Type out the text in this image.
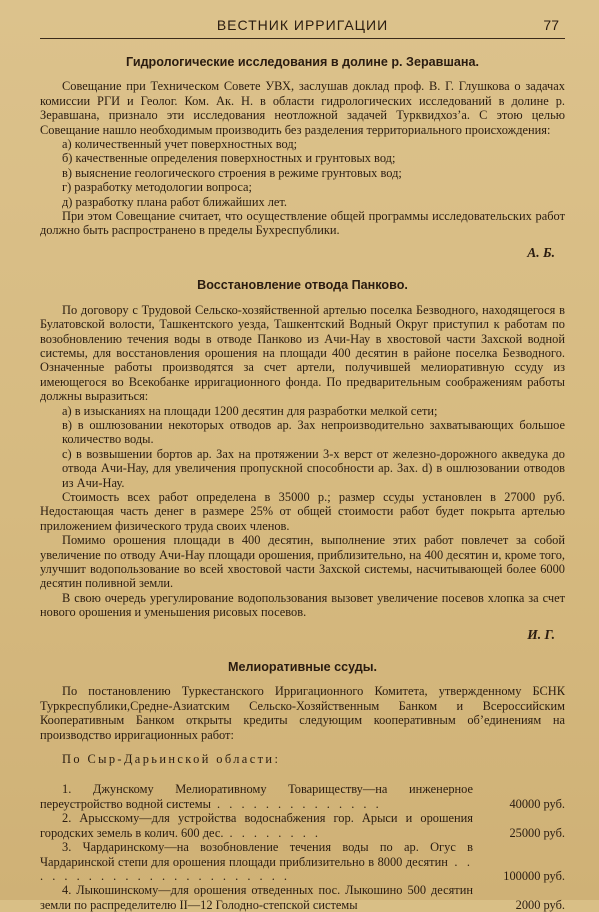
ВЕСТНИК ИРРИГАЦИИ	77
Гидрологические исследования в долине р. Зеравшана.

Совещание при Техническом Совете УВХ, заслушав доклад проф. В. Г. Глушкова о задачах комиссии РГИ и Геолог. Ком. Ак. Н. в области гидрологических исследований в долине р. Зеравшана, признало эти исследования неотложной задачей Турквидхоз’а. С этою целью Совещание нашло необходимым производить без разделения территориального происхождения:

а) количественный учет поверхностных вод;

б) качественные определения поверхностных и грунтовых вод;

в) выяснение геологического строения в режиме грунтовых вод;

г) разработку методологии вопроса;

д) разработку плана работ ближайших лет.

При этом Совещание считает, что осуществление общей программы исследовательских работ должно быть распространено в пределы Бухреспублики.

А. Б.
Восстановление отвода Панково.

По договору с Трудовой Сельско-хозяйственной артелью поселка Безводного, находящегося в Булатовской волости, Ташкентского уезда, Ташкентский Водный Округ приступил к работам по возобновлению течения воды в отводе Панково из Ачи-Нау в хвостовой части Захской водной системы, для восстановления орошения на площади 400 десятин в районе поселка Безводного. Означенные работы производятся за счет артели, получившей мелиоративную ссуду из имеющегося во Всекобанке ирригационного фонда. По предварительным соображениям работы должны выразиться:

а) в изысканиях на площади 1200 десятин для разработки мелкой сети;

в) в ошлюзовании некоторых отводов ар. Зах непроизводительно захватывающих большое количество воды.

с) в возвышении бортов ар. Зах на протяжении 3-х верст от железно-дорожного акведука до отвода Ачи-Нау, для увеличения пропускной способности ар. Зах. d) в ошлюзовании отводов из Ачи-Нау.

Стоимость всех работ определена в 35000 р.; размер ссуды установлен в 27000 руб. Недостающая часть денег в размере 25% от общей стоимости работ будет покрыта артелью приложением физического труда своих членов.

Помимо орошения площади в 400 десятин, выполнение этих работ повлечет за собой увеличение по отводу Ачи-Нау площади орошения, приблизительно, на 400 десятин и, кроме того, улучшит водопользование во всей хвостовой части Захской системы, насчитывающей более 6000 десятин поливной земли.

В свою очередь урегулирование водопользования вызовет увеличение посевов хлопка за счет нового орошения и уменьшения рисовых посевов.

И. Г.
Мелиоративные ссуды.

По постановлению Туркестанского Ирригационного Комитета, утвержденному БСНК Туркреспублики,Средне-Азиатским Сельско-Хозяйственным Банком и Всероссийским Кооперативным Банком открыты кредиты следующим кооперативным об’единениям на производство ирригационных работ:

По Сыр-Дарьинской области:

1. Джунскому Мелиоративному Товариществу—на инженерное переустройство водной системы . . . . . . . . . . . . . .	40000 руб.

2. Арысскому—для устройства водоснабжения гор. Арыси и орошения городских земель в колич. 600 дес. . . . . . . . .	25000 руб.

3. Чардаринскому—на возобновление течения воды по ар. Огус в Чардаринской степи для орошения площади приблизительно в 8000 десятин . . . . . . . . . . . . . . . . . . . . . . .	100000 руб.

4. Лыкошинскому—для орошения отведенных пос. Лыкошино 500 десятин земли по распределителю II—12 Голодно-степской системы	2000 руб.
